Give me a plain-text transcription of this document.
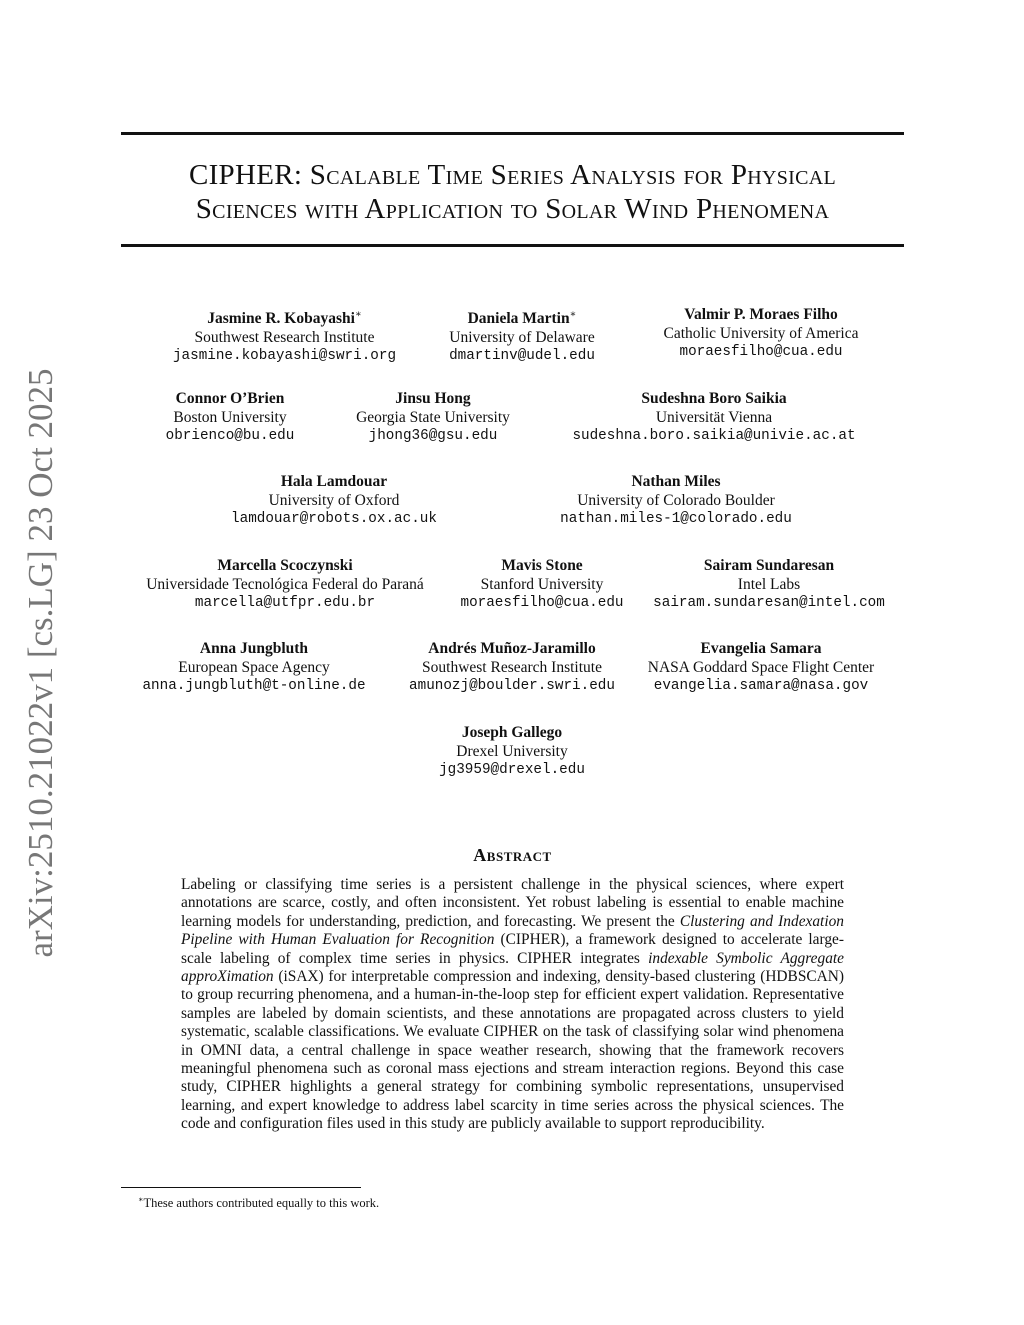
arXiv:2510.21022v1 [cs.LG] 23 Oct 2025
CIPHER: Scalable Time Series Analysis for Physical
Sciences with Application to Solar Wind Phenomena
Jasmine R. Kobayashi∗
Southwest Research Institute
jasmine.kobayashi@swri.org
Daniela Martin∗
University of Delaware
dmartinv@udel.edu
Valmir P. Moraes Filho
Catholic University of America
moraesfilho@cua.edu
Connor O’Brien
Boston University
obrienco@bu.edu
Jinsu Hong
Georgia State University
jhong36@gsu.edu
Sudeshna Boro Saikia
Universität Vienna
sudeshna.boro.saikia@univie.ac.at
Hala Lamdouar
University of Oxford
lamdouar@robots.ox.ac.uk
Nathan Miles
University of Colorado Boulder
nathan.miles-1@colorado.edu
Marcella Scoczynski
Universidade Tecnológica Federal do Paraná
marcella@utfpr.edu.br
Mavis Stone
Stanford University
moraesfilho@cua.edu
Sairam Sundaresan
Intel Labs
sairam.sundaresan@intel.com
Anna Jungbluth
European Space Agency
anna.jungbluth@t-online.de
Andrés Muñoz-Jaramillo
Southwest Research Institute
amunozj@boulder.swri.edu
Evangelia Samara
NASA Goddard Space Flight Center
evangelia.samara@nasa.gov
Joseph Gallego
Drexel University
jg3959@drexel.edu
Abstract
Labeling or classifying time series is a persistent challenge in the physical sciences, where expert annotations are scarce, costly, and often inconsistent. Yet robust labeling is essential to enable machine learning models for understanding, prediction, and forecasting. We present the Clustering and Indexation Pipeline with Human Evaluation for Recognition (CIPHER), a framework designed to accelerate large-scale labeling of complex time series in physics. CIPHER integrates indexable Symbolic Aggregate approXimation (iSAX) for interpretable compression and indexing, density-based clustering (HDBSCAN) to group recurring phenomena, and a human-in-the-loop step for efficient expert validation. Representative samples are labeled by domain scientists, and these annotations are propagated across clusters to yield systematic, scalable classifications. We evaluate CIPHER on the task of classifying solar wind phenomena in OMNI data, a central challenge in space weather research, showing that the framework recovers meaningful phenomena such as coronal mass ejections and stream interaction regions. Beyond this case study, CIPHER highlights a general strategy for combining symbolic representations, unsupervised learning, and expert knowledge to address label scarcity in time series across the physical sciences. The code and configuration files used in this study are publicly available to support reproducibility.
∗These authors contributed equally to this work.
